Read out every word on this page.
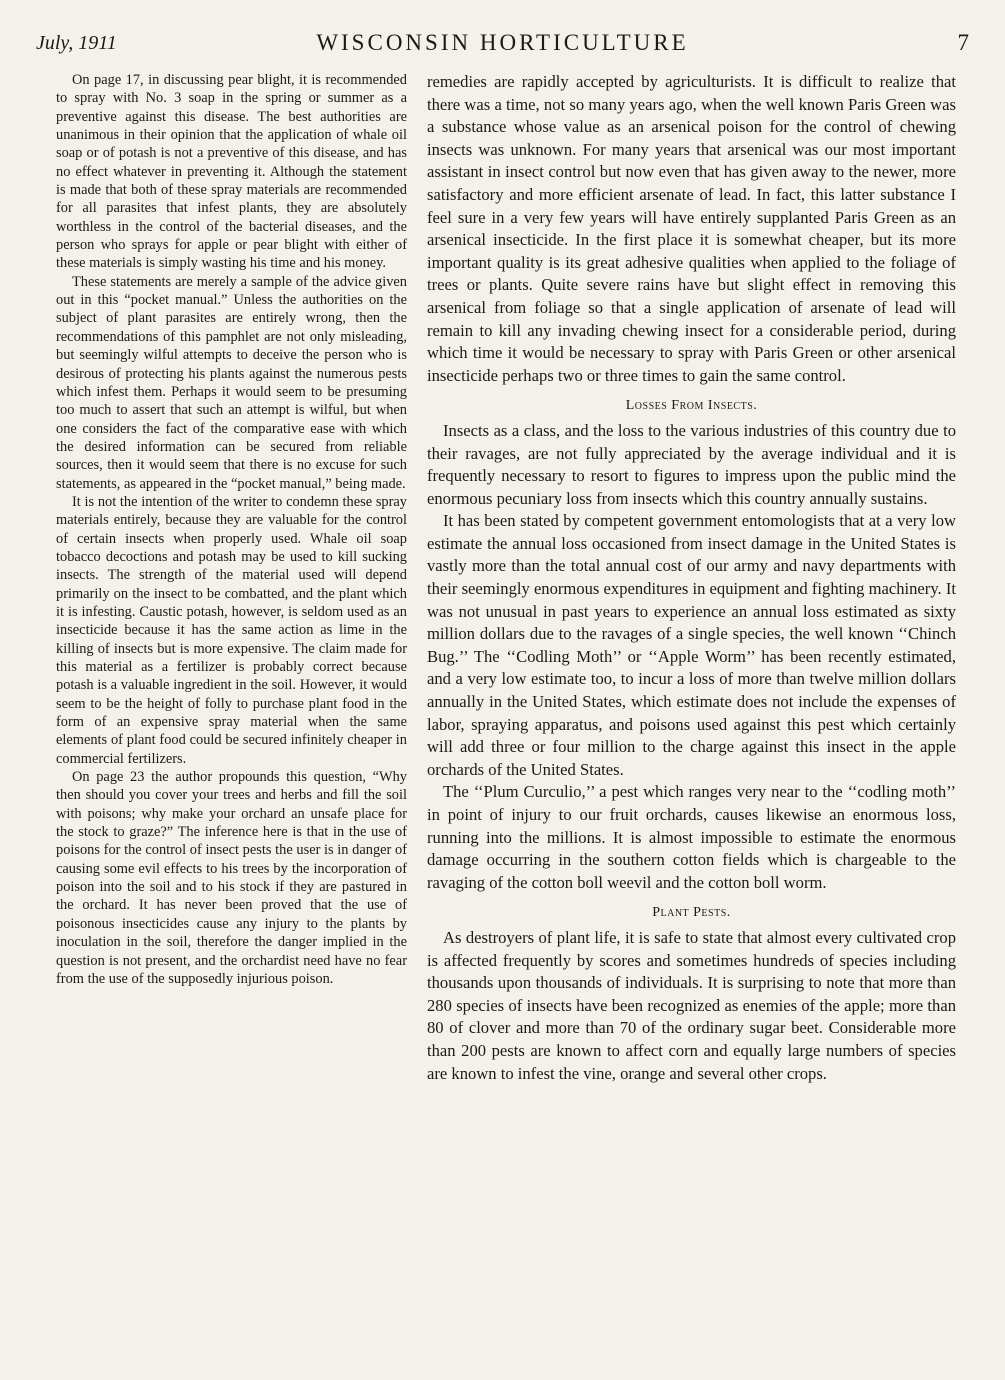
July, 1911	WISCONSIN HORTICULTURE	7

On page 17, in discussing pear blight, it is recommended to spray with No. 3 soap in the spring or summer as a preventive against this disease. The best authorities are unanimous in their opinion that the application of whale oil soap or of potash is not a preventive of this disease, and has no effect whatever in preventing it. Although the statement is made that both of these spray materials are recommended for all parasites that infest plants, they are absolutely worthless in the control of the bacterial diseases, and the person who sprays for apple or pear blight with either of these materials is simply wasting his time and his money.

These statements are merely a sample of the advice given out in this “pocket manual.” Unless the authorities on the subject of plant parasites are entirely wrong, then the recommendations of this pamphlet are not only misleading, but seemingly wilful attempts to deceive the person who is desirous of protecting his plants against the numerous pests which infest them. Perhaps it would seem to be presuming too much to assert that such an attempt is wilful, but when one considers the fact of the comparative ease with which the desired information can be secured from reliable sources, then it would seem that there is no excuse for such statements, as appeared in the “pocket manual,” being made.

It is not the intention of the writer to condemn these spray materials entirely, because they are valuable for the control of certain insects when properly used. Whale oil soap tobacco decoctions and potash may be used to kill sucking insects. The strength of the material used will depend primarily on the insect to be combatted, and the plant which it is infesting. Caustic potash, however, is seldom used as an insecticide because it has the same action as lime in the killing of insects but is more expensive. The claim made for this material as a fertilizer is probably correct because potash is a valuable ingredient in the soil. However, it would seem to be the height of folly to purchase plant food in the form of an expensive spray material when the same elements of plant food could be secured infinitely cheaper in commercial fertilizers.

On page 23 the author propounds this question, “Why then should you cover your trees and herbs and fill the soil with poisons; why make your orchard an unsafe place for the stock to graze?” The inference here is that in the use of poisons for the control of insect pests the user is in danger of causing some evil effects to his trees by the incorporation of poison into the soil and to his stock if they are pastured in the orchard. It has never been proved that the use of poisonous insecticides cause any injury to the plants by inoculation in the soil, therefore the danger implied in the question is not present, and the orchardist need have no fear from the use of the supposedly injurious poison.

remedies are rapidly accepted by agriculturists. It is difficult to realize that there was a time, not so many years ago, when the well known Paris Green was a substance whose value as an arsenical poison for the control of chewing insects was unknown. For many years that arsenical was our most important assistant in insect control but now even that has given away to the newer, more satisfactory and more efficient arsenate of lead. In fact, this latter substance I feel sure in a very few years will have entirely supplanted Paris Green as an arsenical insecticide. In the first place it is somewhat cheaper, but its more important quality is its great adhesive qualities when applied to the foliage of trees or plants. Quite severe rains have but slight effect in removing this arsenical from foliage so that a single application of arsenate of lead will remain to kill any invading chewing insect for a considerable period, during which time it would be necessary to spray with Paris Green or other arsenical insecticide perhaps two or three times to gain the same control.

Losses From Insects.

Insects as a class, and the loss to the various industries of this country due to their ravages, are not fully appreciated by the average individual and it is frequently necessary to resort to figures to impress upon the public mind the enormous pecuniary loss from insects which this country annually sustains.

It has been stated by competent government entomologists that at a very low estimate the annual loss occasioned from insect damage in the United States is vastly more than the total annual cost of our army and navy departments with their seemingly enormous expenditures in equipment and fighting machinery. It was not unusual in past years to experience an annual loss estimated as sixty million dollars due to the ravages of a single species, the well known ‘‘Chinch Bug.’’ The ‘‘Codling Moth’’ or ‘‘Apple Worm’’ has been recently estimated, and a very low estimate too, to incur a loss of more than twelve million dollars annually in the United States, which estimate does not include the expenses of labor, spraying apparatus, and poisons used against this pest which certainly will add three or four million to the charge against this insect in the apple orchards of the United States.

The ‘‘Plum Curculio,’’ a pest which ranges very near to the ‘‘codling moth’’ in point of injury to our fruit orchards, causes likewise an enormous loss, running into the millions. It is almost impossible to estimate the enormous damage occurring in the southern cotton fields which is chargeable to the ravaging of the cotton boll weevil and the cotton boll worm.

Plant Pests.

As destroyers of plant life, it is safe to state that almost every cultivated crop is affected frequently by scores and sometimes hundreds of species including thousands upon thousands of individuals. It is surprising to note that more than 280 species of insects have been recognized as enemies of the apple; more than 80 of clover and more than 70 of the ordinary sugar beet. Considerable more than 200 pests are known to affect corn and equally large numbers of species are known to infest the vine, orange and several other crops.
